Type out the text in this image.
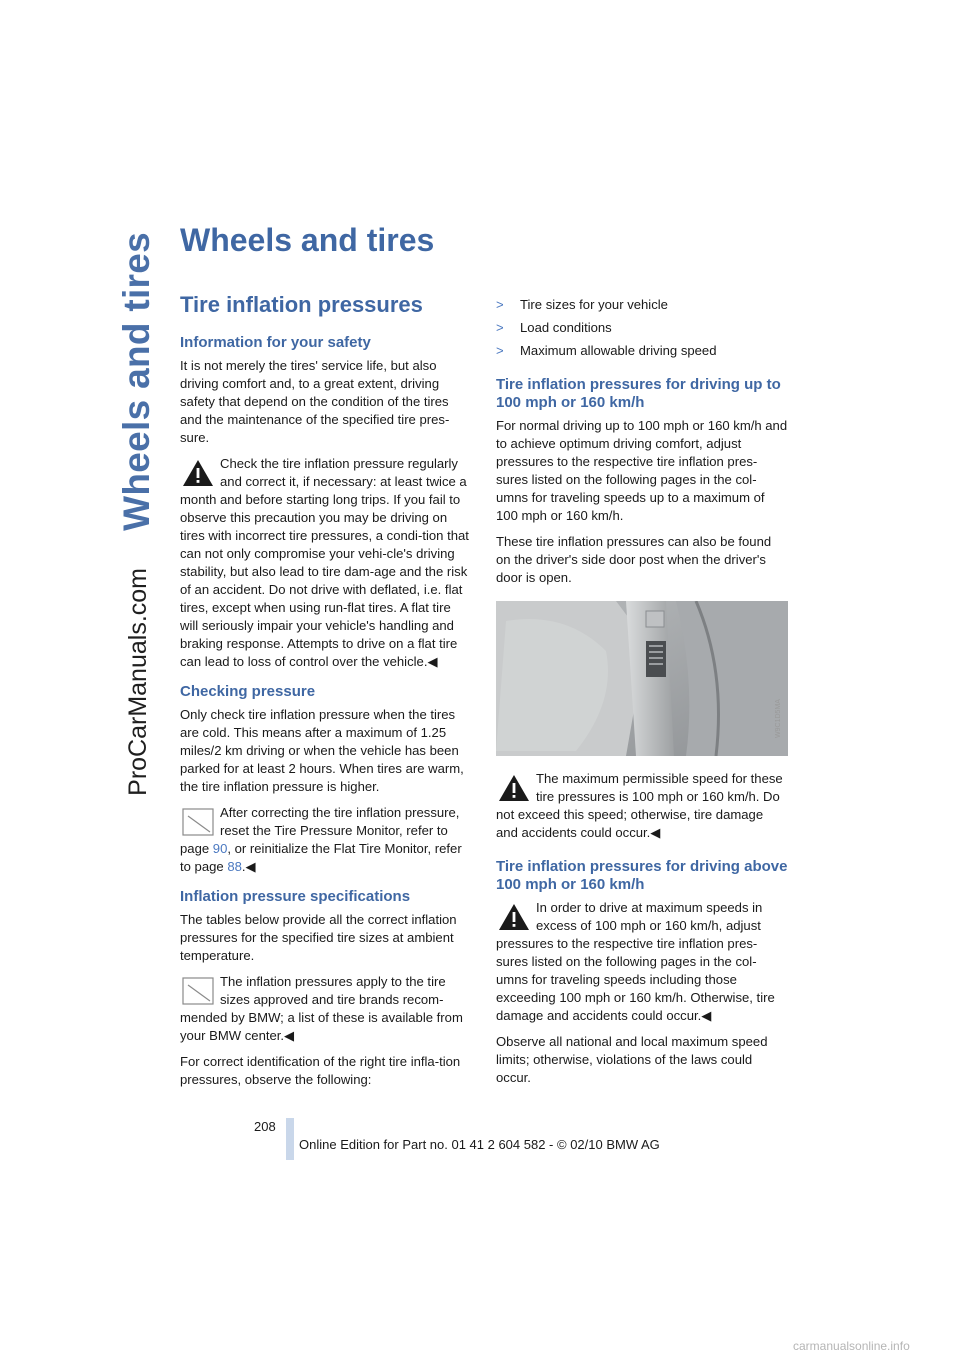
Wheels and tires
ProCarManuals.com
Wheels and tires
Tire inflation pressures
Information for your safety

It is not merely the tires' service life, but also driving comfort and, to a great extent, driving safety that depend on the condition of the tires and the maintenance of the specified tire pres-sure.

Check the tire inflation pressure regularly and correct it, if necessary: at least twice a month and before starting long trips. If you fail to observe this precaution you may be driving on tires with incorrect tire pressures, a condi-tion that can not only compromise your vehi-cle's driving stability, but also lead to tire dam-age and the risk of an accident. Do not drive with deflated, i.e. flat tires, except when using run-flat tires. A flat tire will seriously impair your vehicle's handling and braking response. Attempts to drive on a flat tire can lead to loss of control over the vehicle.◀
Checking pressure

Only check tire inflation pressure when the tires are cold. This means after a maximum of 1.25 miles/2 km driving or when the vehicle has been parked for at least 2 hours. When tires are warm, the tire inflation pressure is higher.

After correcting the tire inflation pressure, reset the Tire Pressure Monitor, refer to page 90, or reinitialize the Flat Tire Monitor, refer to page 88.◀
Inflation pressure specifications

The tables below provide all the correct inflation pressures for the specified tire sizes at ambient temperature.

The inflation pressures apply to the tire sizes approved and tire brands recom-mended by BMW; a list of these is available from your BMW center.◀

For correct identification of the right tire infla-tion pressures, observe the following:

>	Tire sizes for your vehicle
>	Load conditions
>	Maximum allowable driving speed
Tire inflation pressures for driving up to 100 mph or 160 km/h

For normal driving up to 100 mph or 160 km/h and to achieve optimum driving comfort, adjust pressures to the respective tire inflation pres-sures listed on the following pages in the col-umns for traveling speeds up to a maximum of 100 mph or 160 km/h.

These tire inflation pressures can also be found on the driver's side door post when the driver's door is open.

W9C1D5MA
The maximum permissible speed for these tire pressures is 100 mph or 160 km/h. Do not exceed this speed; otherwise, tire damage and accidents could occur.◀
Tire inflation pressures for driving above 100 mph or 160 km/h
In order to drive at maximum speeds in excess of 100 mph or 160 km/h, adjust pressures to the respective tire inflation pres-sures listed on the following pages in the col-umns for traveling speeds including those exceeding 100 mph or 160 km/h. Otherwise, tire damage and accidents could occur.◀

Observe all national and local maximum speed limits; otherwise, violations of the laws could occur.

208
Online Edition for Part no. 01 41 2 604 582 - © 02/10 BMW AG
carmanualsonline.info
